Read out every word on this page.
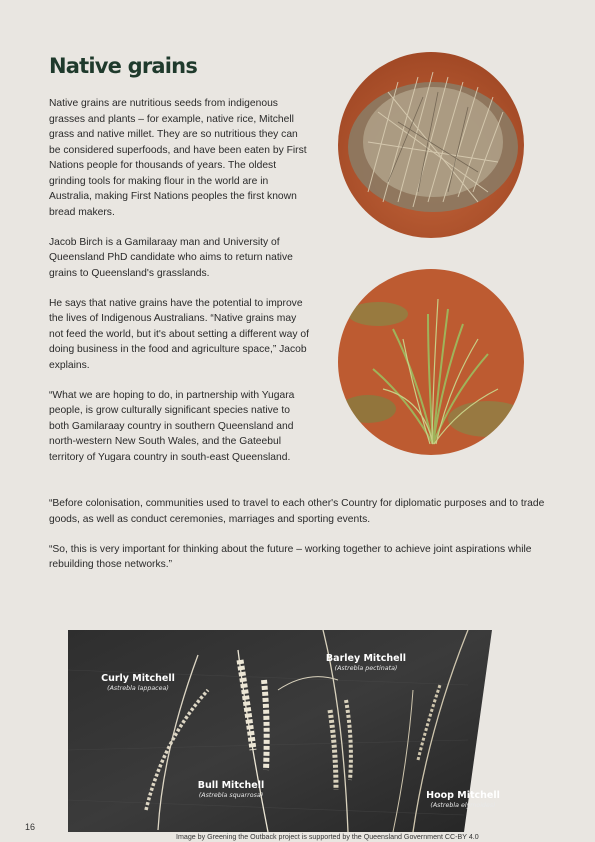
Native grains

Native grains are nutritious seeds from indigenous grasses and plants – for example, native rice, Mitchell grass and native millet. They are so nutritious they can be considered superfoods, and have been eaten by First Nations people for thousands of years. The oldest grinding tools for making flour in the world are in Australia, making First Nations peoples the first known bread makers.

Jacob Birch is a Gamilaraay man and University of Queensland PhD candidate who aims to return native grains to Queensland's grasslands.

He says that native grains have the potential to improve the lives of Indigenous Australians. “Native grains may not feed the world, but it's about setting a different way of doing business in the food and agriculture space,” Jacob explains.

“What we are hoping to do, in partnership with Yugara people, is grow culturally significant species native to both Gamilaraay country in southern Queensland and north-western New South Wales, and the Gateebul territory of Yugara country in south-east Queensland.

“Before colonisation, communities used to travel to each other's Country for diplomatic purposes and to trade goods, as well as conduct ceremonies, marriages and sporting events.

“So, this is very important for thinking about the future – working together to achieve joint aspirations while rebuilding those networks.”

Curly Mitchell
(Astrebla lappacea)
Barley Mitchell
(Astrebla pectinata)
Bull Mitchell
(Astrebla squarrosa)	Hoop Mitchell
(Astrebla elymoides)
16
Image by Greening the Outback project is supported by the Queensland Government CC-BY 4.0
